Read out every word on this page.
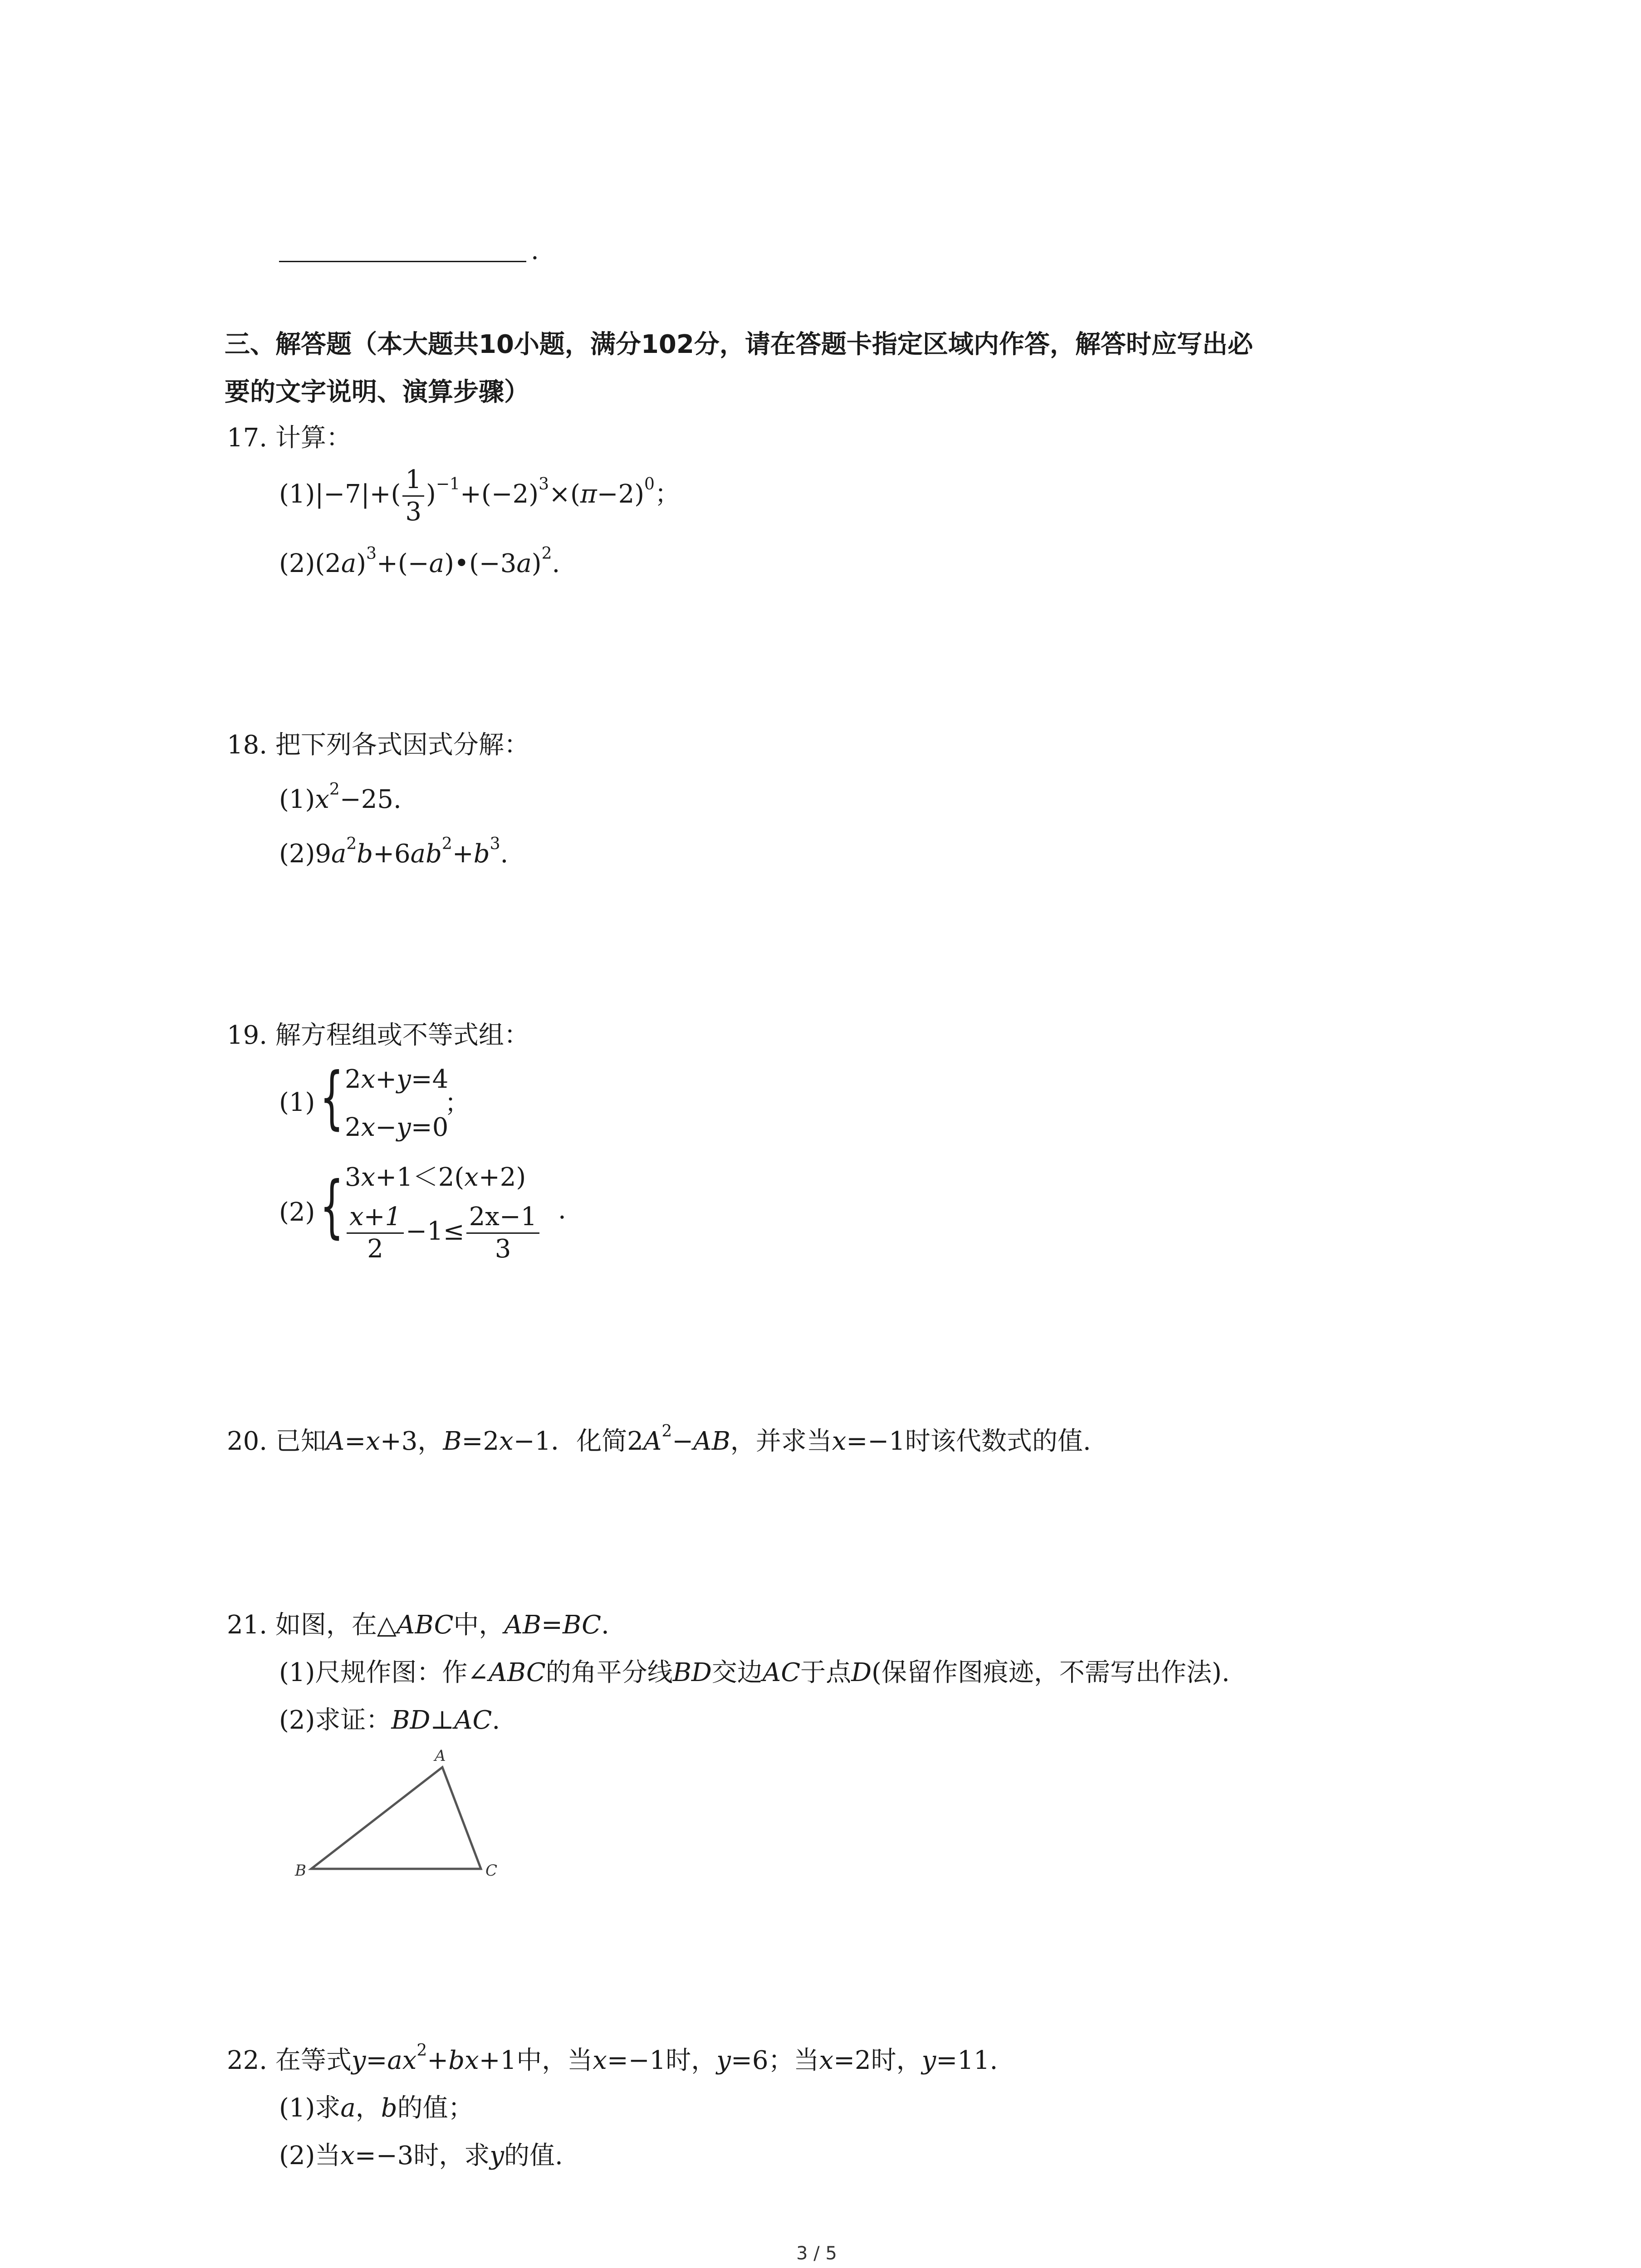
.
三、解答题（本大题共10小题，满分102分，请在答题卡指定区域内作答，解答时应写出必
要的文字说明、演算步骤）
17. 计算：
$(1)|-7|+( \frac{1}{3} )^{-1}+(-2)^3\times(\pi-2)^0$；
$(2)(2a)^3+(-a)•(-3a)^2$.
18. 把下列各式因式分解：
$(1)x^2-25$.
$(2)9a^2b+6ab^2+b^3$.
19. 解方程组或不等式组：
(1) { 2x+y=4
2x−y=0
；
(2) { 3x+1＜2(x+2)
$\frac{x+1}{2} -1\le \frac{2x-1}{3}$ .
20. 已知A=x+3，B=2x−1．化简$2A^2-AB$，并求当x=−1时该代数式的值.
21. 如图，在△ABC中，AB=BC.
(1)尺规作图：作∠ABC的角平分线BD交边AC于点D(保留作图痕迹，不需写出作法).
(2)求证：BD⊥AC.
A
B	C
22. 在等式$y=ax^2+bx+1$中，当x=−1时，y=6；当x=2时，y=11.
(1)求a，b的值；
(2)当x=−3时，求y的值.
3 / 5
